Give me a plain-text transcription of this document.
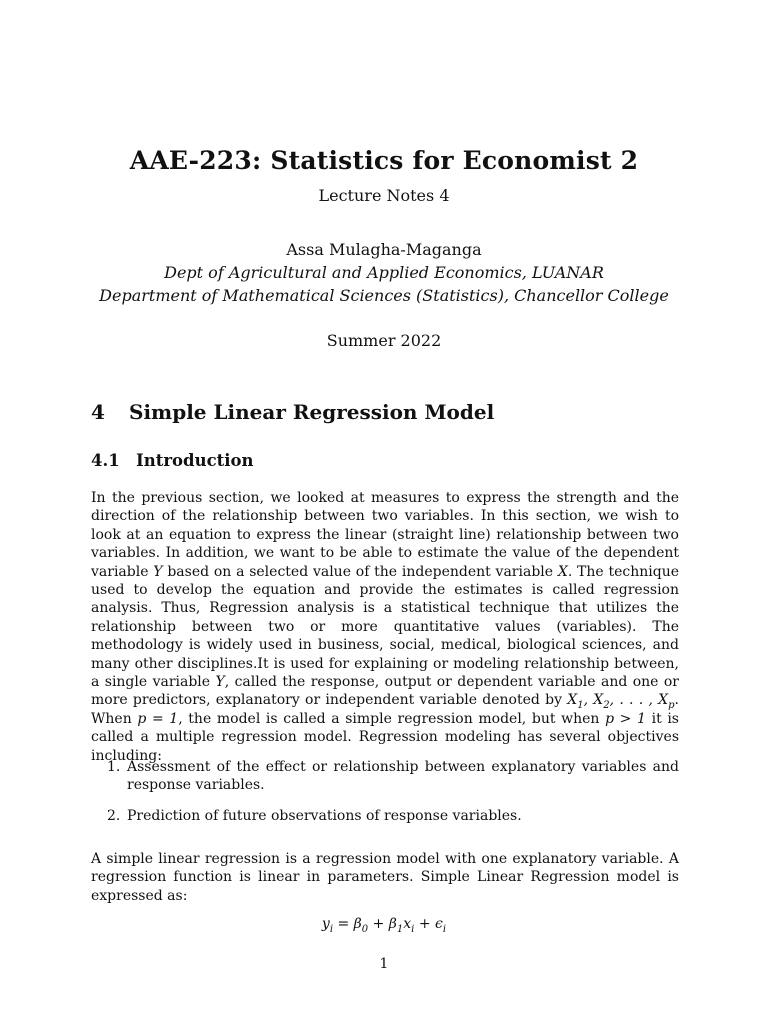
AAE-223: Statistics for Economist 2
Lecture Notes 4
Assa Mulagha-Maganga
Dept of Agricultural and Applied Economics, LUANAR
Department of Mathematical Sciences (Statistics), Chancellor College
Summer 2022
4 Simple Linear Regression Model
4.1 Introduction
In the previous section, we looked at measures to express the strength and the direction of the relationship between two variables. In this section, we wish to look at an equation to express the linear (straight line) relationship between two variables. In addition, we want to be able to estimate the value of the dependent variable Y based on a selected value of the independent variable X. The technique used to develop the equation and provide the estimates is called regression analysis. Thus, Regression analysis is a statistical technique that utilizes the relationship between two or more quantitative values (variables). The methodology is widely used in business, social, medical, biological sciences, and many other disciplines.It is used for explaining or modeling relationship between, a single variable Y, called the response, output or dependent variable and one or more predictors, explanatory or independent variable denoted by $X_1$, $X_2$, . . . , $X_p$. When p = 1, the model is called a simple regression model, but when p > 1 it is called a multiple regression model. Regression modeling has several objectives including:
1. Assessment of the effect or relationship between explanatory variables and response variables.
2. Prediction of future observations of response variables.
A simple linear regression is a regression model with one explanatory variable. A regression function is linear in parameters. Simple Linear Regression model is expressed as:
$y_i = \beta_0 + \beta_1x_i + \epsilon_i$
1
